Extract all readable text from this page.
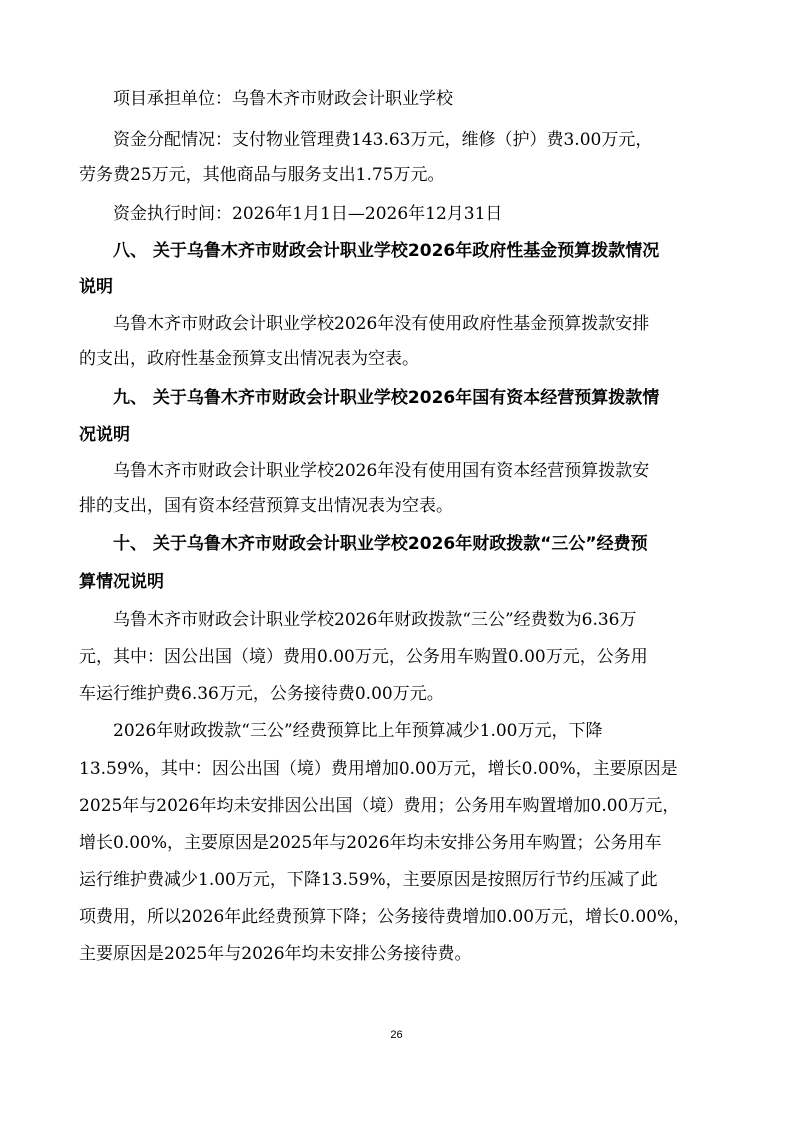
项目承担单位：乌鲁木齐市财政会计职业学校
资金分配情况：支付物业管理费143.63万元，维修（护）费3.00万元，
劳务费25万元，其他商品与服务支出1.75万元。
资金执行时间：2026年1月1日—2026年12月31日
八、 关于乌鲁木齐市财政会计职业学校2026年政府性基金预算拨款情况
说明
乌鲁木齐市财政会计职业学校2026年没有使用政府性基金预算拨款安排
的支出，政府性基金预算支出情况表为空表。
九、 关于乌鲁木齐市财政会计职业学校2026年国有资本经营预算拨款情
况说明
乌鲁木齐市财政会计职业学校2026年没有使用国有资本经营预算拨款安
排的支出，国有资本经营预算支出情况表为空表。
十、 关于乌鲁木齐市财政会计职业学校2026年财政拨款“三公”经费预
算情况说明
乌鲁木齐市财政会计职业学校2026年财政拨款“三公”经费数为6.36万
元，其中：因公出国（境）费用0.00万元，公务用车购置0.00万元，公务用
车运行维护费6.36万元，公务接待费0.00万元。
2026年财政拨款“三公”经费预算比上年预算减少1.00万元，下降
13.59%，其中：因公出国（境）费用增加0.00万元，增长0.00%，主要原因是
2025年与2026年均未安排因公出国（境）费用；公务用车购置增加0.00万元，
增长0.00%，主要原因是2025年与2026年均未安排公务用车购置；公务用车
运行维护费减少1.00万元，下降13.59%，主要原因是按照厉行节约压减了此
项费用，所以2026年此经费预算下降；公务接待费增加0.00万元，增长0.00%，
主要原因是2025年与2026年均未安排公务接待费。
26
